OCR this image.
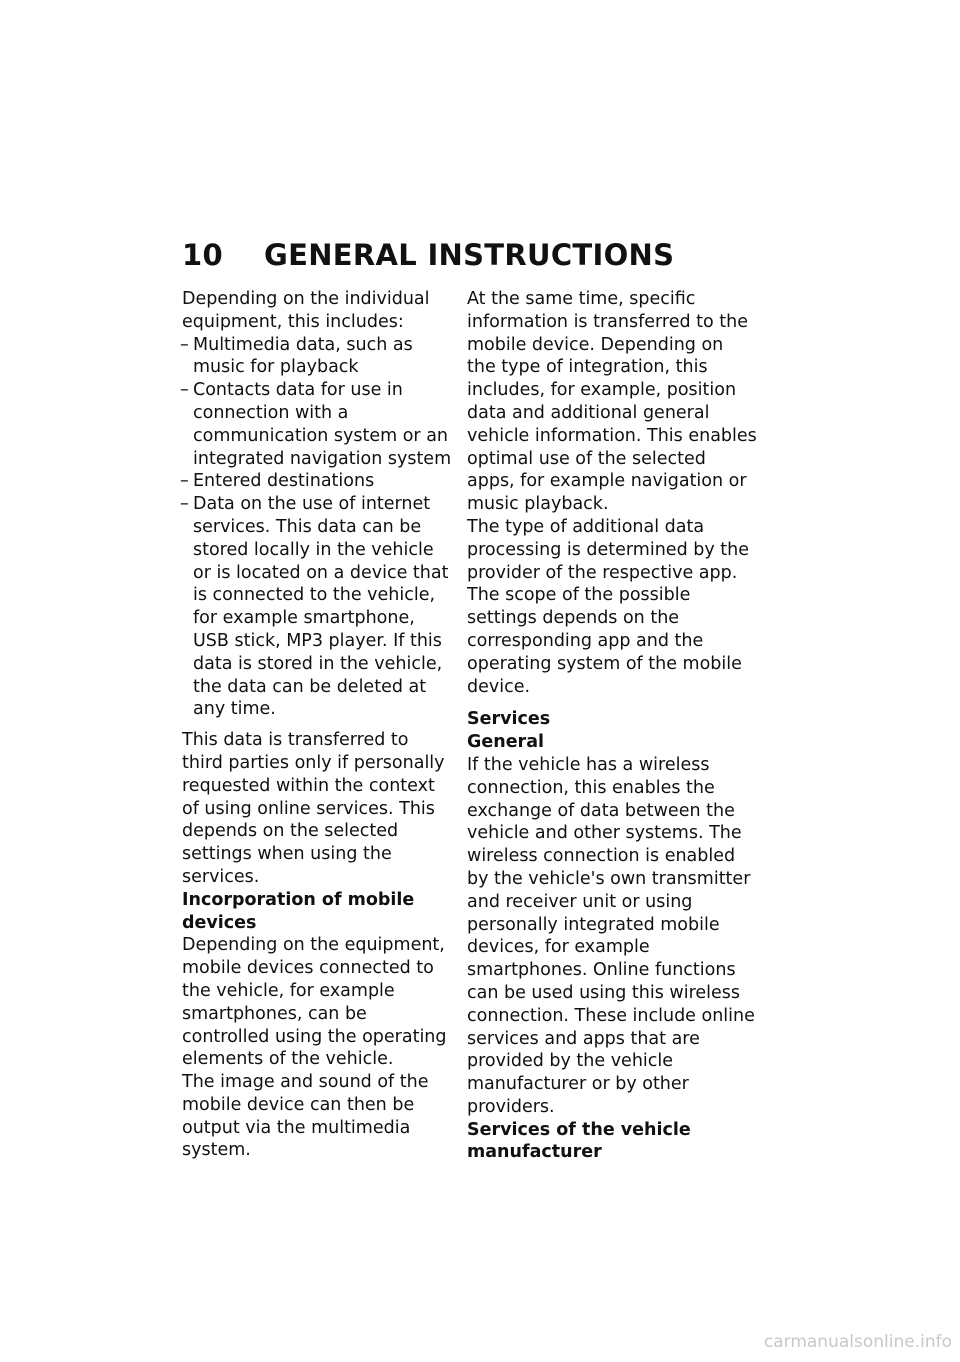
10 GENERAL INSTRUCTIONS

Depending on the individual equipment, this includes:

– Multimedia data, such as music for playback
– Contacts data for use in connection with a communication system or an integrated navigation system
– Entered destinations
– Data on the use of internet services. This data can be stored locally in the vehicle or is located on a device that is connected to the vehicle, for example smartphone, USB stick, MP3 player. If this data is stored in the vehicle, the data can be deleted at any time.

This data is transferred to third parties only if personally requested within the context of using online services. This depends on the selected settings when using the services.

Incorporation of mobile devices

Depending on the equipment, mobile devices connected to the vehicle, for example smartphones, can be controlled using the operating elements of the vehicle.

The image and sound of the mobile device can then be output via the multimedia system.

At the same time, specific information is transferred to the mobile device. Depending on the type of integration, this includes, for example, position data and additional general vehicle information. This enables optimal use of the selected apps, for example navigation or music playback.

The type of additional data processing is determined by the provider of the respective app. The scope of the possible settings depends on the corresponding app and the operating system of the mobile device.

Services

General

If the vehicle has a wireless connection, this enables the exchange of data between the vehicle and other systems. The wireless connection is enabled by the vehicle's own transmitter and receiver unit or using personally integrated mobile devices, for example smartphones. Online functions can be used using this wireless connection. These include online services and apps that are provided by the vehicle manufacturer or by other providers.

Services of the vehicle manufacturer

carmanualsonline.info
